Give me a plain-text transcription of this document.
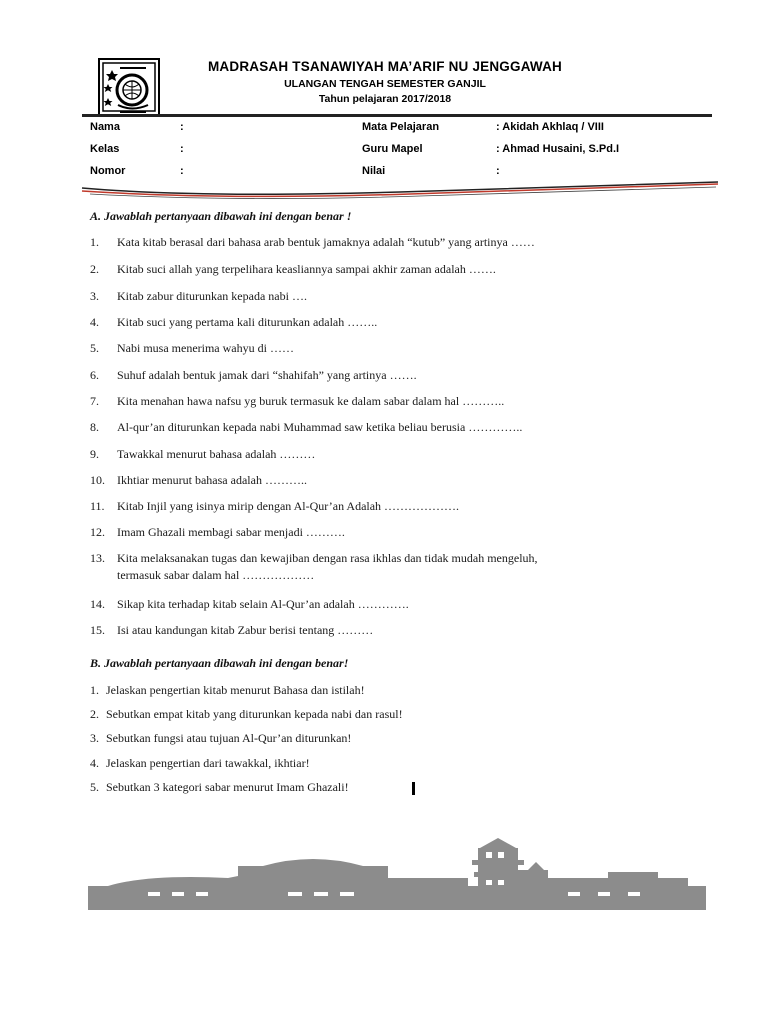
MADRASAH TSANAWIYAH MA’ARIF NU JENGGAWAH
ULANGAN TENGAH SEMESTER GANJIL
Tahun pelajaran 2017/2018
Nama	:
Kelas	:
Nomor	:
Mata Pelajaran	: Akidah Akhlaq / VIII
Guru Mapel	: Ahmad Husaini, S.Pd.I
Nilai	:
A. Jawablah pertanyaan dibawah ini dengan benar !
1. Kata kitab berasal dari bahasa arab bentuk jamaknya adalah “kutub” yang artinya ……
2. Kitab suci allah yang terpelihara keasliannya sampai akhir zaman adalah …….
3. Kitab zabur diturunkan kepada nabi ….
4. Kitab suci yang pertama kali diturunkan adalah ……..
5. Nabi musa menerima wahyu di ……
6. Suhuf adalah bentuk jamak dari “shahifah” yang artinya …….
7. Kita menahan hawa nafsu yg buruk termasuk ke dalam sabar dalam hal ………..
8. Al-qur’an diturunkan kepada nabi Muhammad saw ketika beliau berusia …………..
9. Tawakkal menurut bahasa adalah ………
10. Ikhtiar menurut bahasa adalah ………..
11. Kitab Injil yang isinya mirip dengan Al-Qur’an Adalah ……………….
12. Imam Ghazali membagi sabar menjadi ……….
13. Kita melaksanakan tugas dan kewajiban dengan rasa ikhlas dan tidak mudah mengeluh,
termasuk sabar dalam hal ………………
14. Sikap kita terhadap kitab selain Al-Qur’an adalah ………….
15. Isi atau kandungan kitab Zabur berisi tentang ………
B. Jawablah pertanyaan dibawah ini dengan benar!
1. Jelaskan pengertian kitab menurut Bahasa dan istilah!
2. Sebutkan empat kitab yang diturunkan kepada nabi dan rasul!
3. Sebutkan fungsi atau tujuan Al-Qur’an diturunkan!
4. Jelaskan pengertian dari tawakkal, ikhtiar!
5. Sebutkan 3 kategori sabar menurut Imam Ghazali!
